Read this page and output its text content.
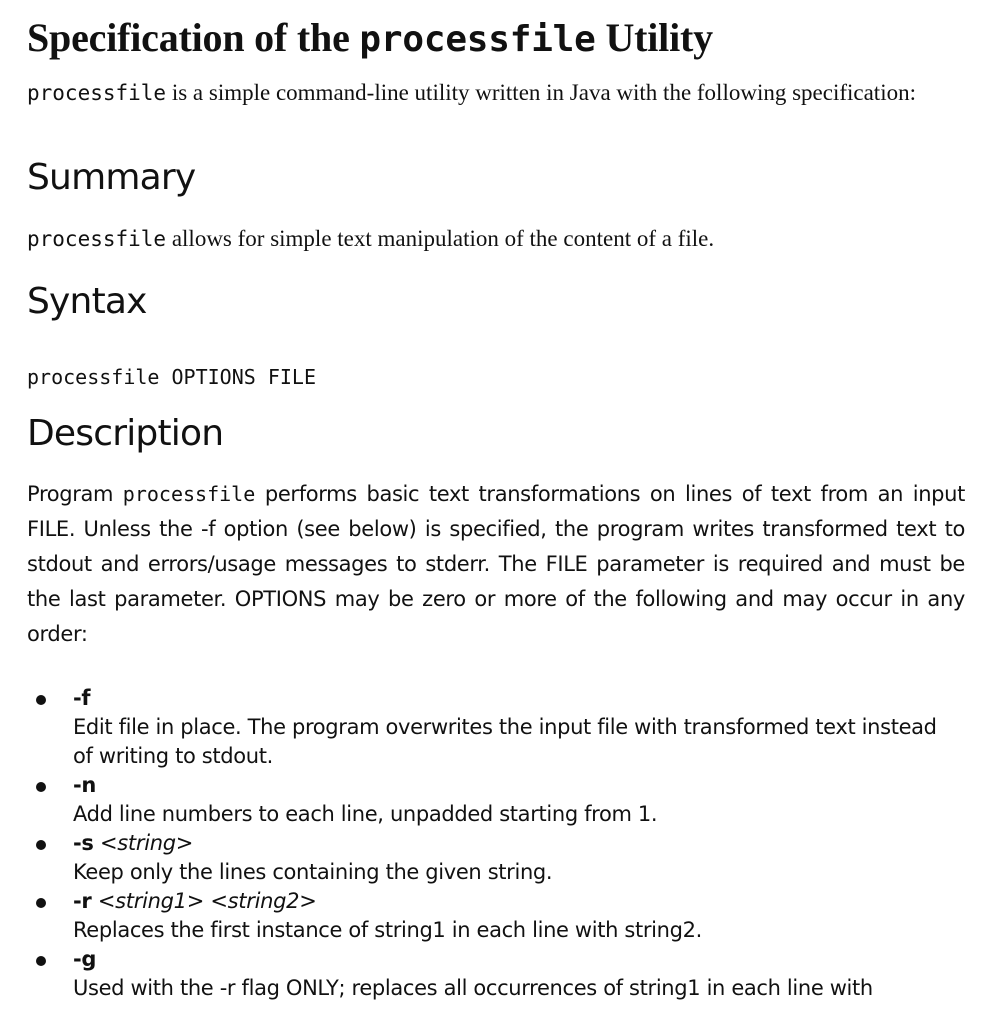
Specification of the processfile Utility

processfile is a simple command-line utility written in Java with the following specification:

Summary

processfile allows for simple text manipulation of the content of a file.

Syntax

processfile OPTIONS FILE

Description

Program processfile performs basic text transformations on lines of text from an input FILE. Unless the -f option (see below) is specified, the program writes transformed text to stdout and errors/usage messages to stderr. The FILE parameter is required and must be the last parameter. OPTIONS may be zero or more of the following and may occur in any order:

-f

Edit file in place. The program overwrites the input file with transformed text instead of writing to stdout.

-n

Add line numbers to each line, unpadded starting from 1.

-s <string>

Keep only the lines containing the given string.

-r <string1> <string2>

Replaces the first instance of string1 in each line with string2.

-g

Used with the -r flag ONLY; replaces all occurrences of string1 in each line with
